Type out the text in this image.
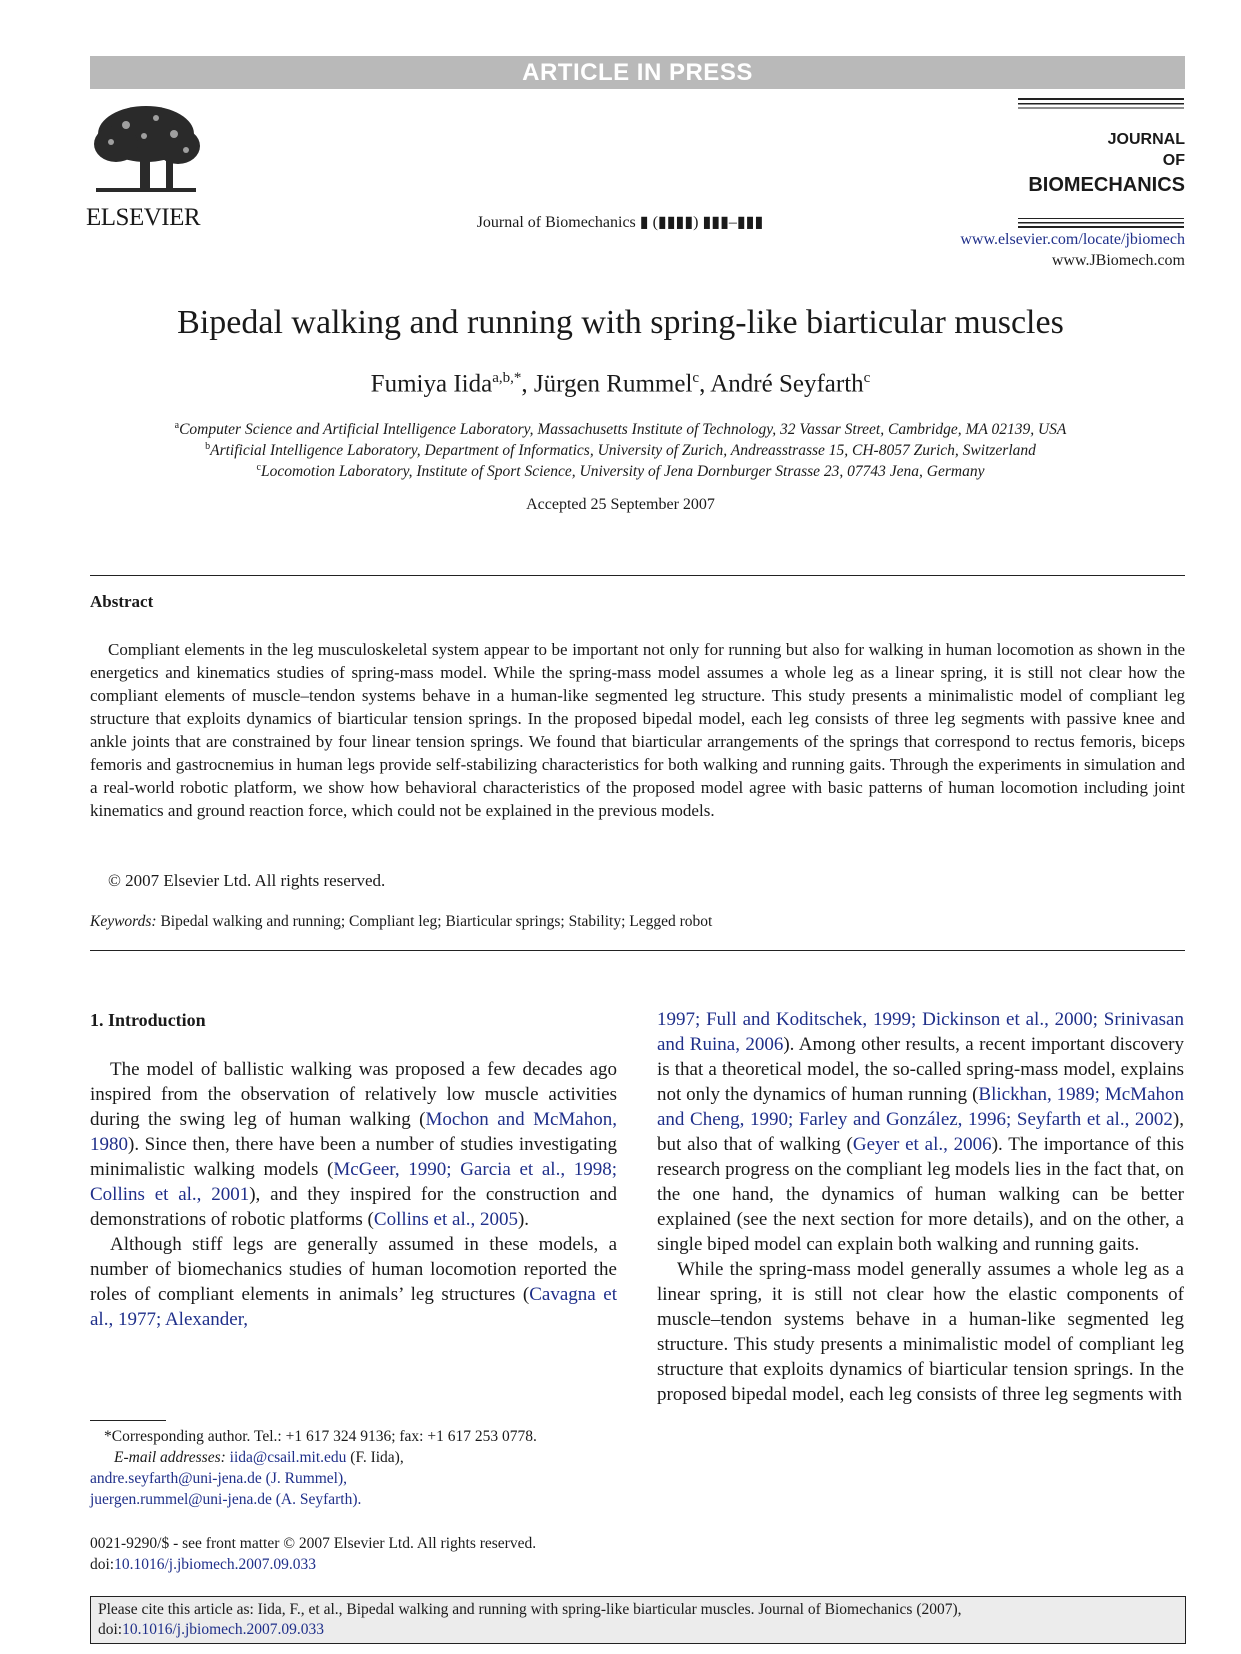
ARTICLE IN PRESS
ELSEVIER	Journal of Biomechanics ▮ (▮▮▮▮) ▮▮▮–▮▮▮
JOURNAL
OF
BIOMECHANICS
www.elsevier.com/locate/jbiomech
www.JBiomech.com
Bipedal walking and running with spring-like biarticular muscles
Fumiya Iida$^{a,b,*}$, Jürgen Rummel$^c$, André Seyfarth$^c$
$^a$Computer Science and Artificial Intelligence Laboratory, Massachusetts Institute of Technology, 32 Vassar Street, Cambridge, MA 02139, USA
$^b$Artificial Intelligence Laboratory, Department of Informatics, University of Zurich, Andreasstrasse 15, CH-8057 Zurich, Switzerland
$^c$Locomotion Laboratory, Institute of Sport Science, University of Jena Dornburger Strasse 23, 07743 Jena, Germany
Accepted 25 September 2007
Abstract
Compliant elements in the leg musculoskeletal system appear to be important not only for running but also for walking in human locomotion as shown in the energetics and kinematics studies of spring-mass model. While the spring-mass model assumes a whole leg as a linear spring, it is still not clear how the compliant elements of muscle–tendon systems behave in a human-like segmented leg structure. This study presents a minimalistic model of compliant leg structure that exploits dynamics of biarticular tension springs. In the proposed bipedal model, each leg consists of three leg segments with passive knee and ankle joints that are constrained by four linear tension springs. We found that biarticular arrangements of the springs that correspond to rectus femoris, biceps femoris and gastrocnemius in human legs provide self-stabilizing characteristics for both walking and running gaits. Through the experiments in simulation and a real-world robotic platform, we show how behavioral characteristics of the proposed model agree with basic patterns of human locomotion including joint kinematics and ground reaction force, which could not be explained in the previous models.
© 2007 Elsevier Ltd. All rights reserved.
Keywords: Bipedal walking and running; Compliant leg; Biarticular springs; Stability; Legged robot
1. Introduction

The model of ballistic walking was proposed a few decades ago inspired from the observation of relatively low muscle activities during the swing leg of human walking (Mochon and McMahon, 1980). Since then, there have been a number of studies investigating minimalistic walking models (McGeer, 1990; Garcia et al., 1998; Collins et al., 2001), and they inspired for the construction and demonstrations of robotic platforms (Collins et al., 2005).

Although stiff legs are generally assumed in these models, a number of biomechanics studies of human locomotion reported the roles of compliant elements in animals’ leg structures (Cavagna et al., 1977; Alexander,

1997; Full and Koditschek, 1999; Dickinson et al., 2000; Srinivasan and Ruina, 2006). Among other results, a recent important discovery is that a theoretical model, the so-called spring-mass model, explains not only the dynamics of human running (Blickhan, 1989; McMahon and Cheng, 1990; Farley and González, 1996; Seyfarth et al., 2002), but also that of walking (Geyer et al., 2006). The importance of this research progress on the compliant leg models lies in the fact that, on the one hand, the dynamics of human walking can be better explained (see the next section for more details), and on the other, a single biped model can explain both walking and running gaits.

While the spring-mass model generally assumes a whole leg as a linear spring, it is still not clear how the elastic components of muscle–tendon systems behave in a human-like segmented leg structure. This study presents a minimalistic model of compliant leg structure that exploits dynamics of biarticular tension springs. In the proposed bipedal model, each leg consists of three leg segments with

*Corresponding author. Tel.: +1 617 324 9136; fax: +1 617 253 0778.
E-mail addresses: iida@csail.mit.edu (F. Iida),
andre.seyfarth@uni-jena.de (J. Rummel),
juergen.rummel@uni-jena.de (A. Seyfarth).
0021-9290/$ - see front matter © 2007 Elsevier Ltd. All rights reserved.
doi:10.1016/j.jbiomech.2007.09.033
Please cite this article as: Iida, F., et al., Bipedal walking and running with spring-like biarticular muscles. Journal of Biomechanics (2007), doi:10.1016/j.jbiomech.2007.09.033
